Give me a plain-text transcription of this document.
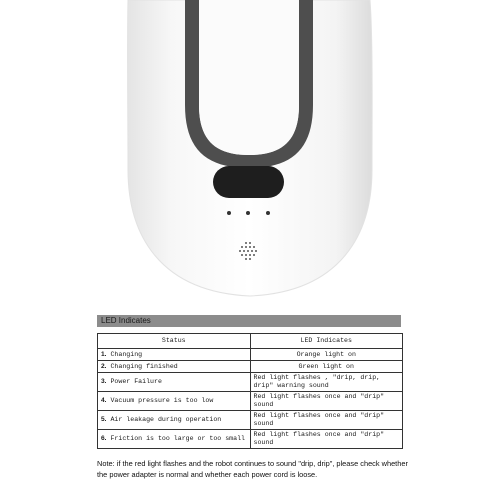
LED Indicates
Status	LED Indicates
1. Changing	Orange light on
2. Changing finished	Green light on
3. Power Failure	Red light flashes , "drip, drip, drip" warning sound
4. Vacuum pressure is too low	Red light flashes once and "drip" sound
5. Air leakage during operation	Red light flashes once and "drip" sound
6. Friction is too large or too small	Red light flashes once and "drip" sound
Note: if the red light flashes and the robot continues to sound "drip, drip", please check whether the power adapter is normal and whether each power cord is loose.
